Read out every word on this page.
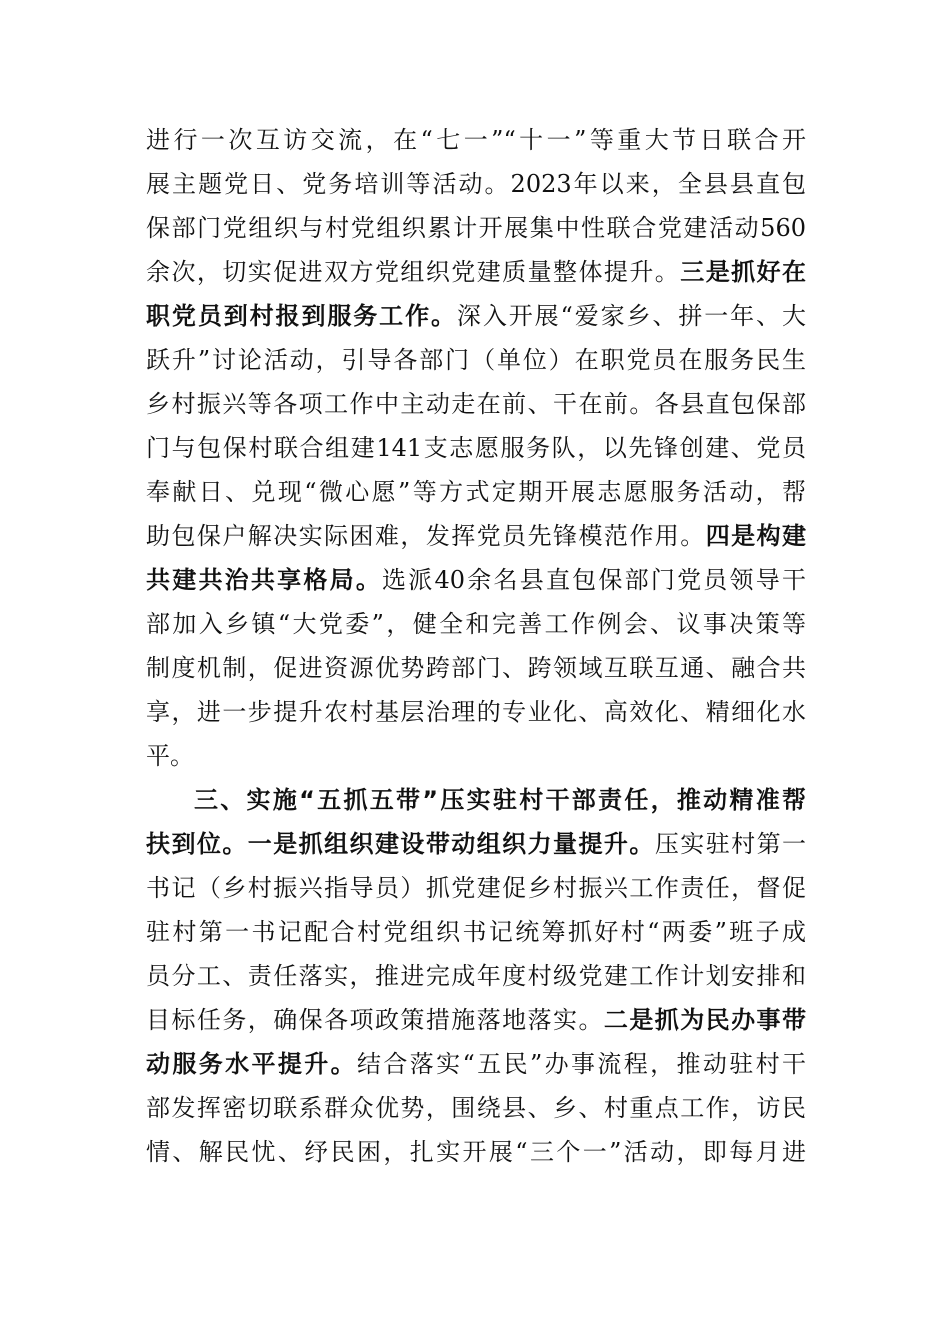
进行一次互访交流，在“七一”“十一”等重大节日联合开
展主题党日、党务培训等活动。2023年以来，全县县直包
保部门党组织与村党组织累计开展集中性联合党建活动560
余次，切实促进双方党组织党建质量整体提升。三是抓好在
职党员到村报到服务工作。深入开展“爱家乡、拼一年、大
跃升”讨论活动，引导各部门（单位）在职党员在服务民生
乡村振兴等各项工作中主动走在前、干在前。各县直包保部
门与包保村联合组建141支志愿服务队，以先锋创建、党员
奉献日、兑现“微心愿”等方式定期开展志愿服务活动，帮
助包保户解决实际困难，发挥党员先锋模范作用。四是构建
共建共治共享格局。选派40余名县直包保部门党员领导干
部加入乡镇“大党委”，健全和完善工作例会、议事决策等
制度机制，促进资源优势跨部门、跨领域互联互通、融合共
享，进一步提升农村基层治理的专业化、高效化、精细化水
平。
三、实施“五抓五带”压实驻村干部责任，推动精准帮
扶到位。一是抓组织建设带动组织力量提升。压实驻村第一
书记（乡村振兴指导员）抓党建促乡村振兴工作责任，督促
驻村第一书记配合村党组织书记统筹抓好村“两委”班子成
员分工、责任落实，推进完成年度村级党建工作计划安排和
目标任务，确保各项政策措施落地落实。二是抓为民办事带
动服务水平提升。结合落实“五民”办事流程，推动驻村干
部发挥密切联系群众优势，围绕县、乡、村重点工作，访民
情、解民忧、纾民困，扎实开展“三个一”活动，即每月进
